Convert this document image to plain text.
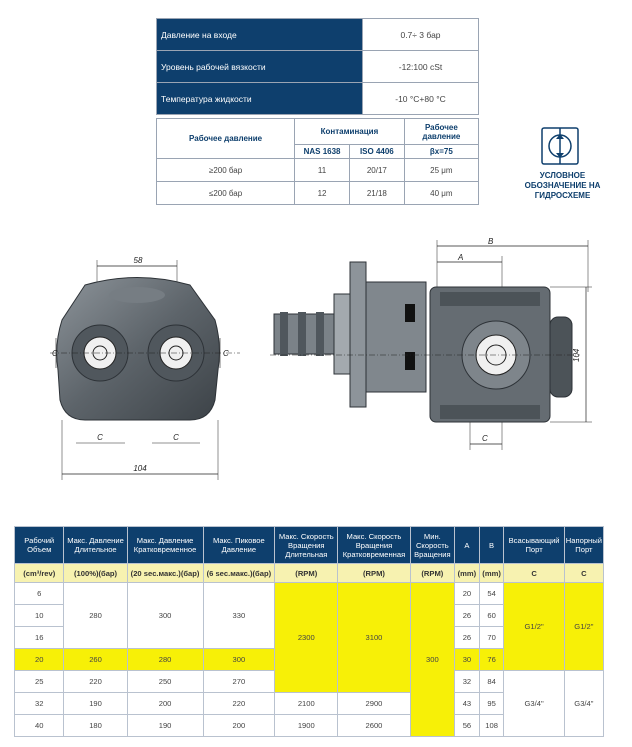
Давление на входе	0.7÷ 3 бар
Уровень рабочей вязкости	-12:100 cSt
Температура жидкости	-10 °С+80 °С
Рабочее давление	Контаминация		Рабочее давление
	NAS 1638	ISO 4406	βx=75
≥200 бар	11	20/17	25 μm
≤200 бар	12	21/18	40 μm
УСЛОВНОЕ
ОБОЗНАЧЕНИЕ НА
ГИДРОСХЕМЕ
58
C	C
C	C
104
B
A
104
C
Рабочий Объем	Макс. Давление Длительное	Макс. Давление Кратковременное	Макс. Пиковое Давление	Макс. Скорость Вращения Длительная	Макс. Скорость Вращения Кратковременная	Мин. Скорость Вращения	A	B	Всасывающий Порт	Напорный Порт
(cm³/rev)	(100%)(бар)	(20 sec.макс.)(бар)	(6 sec.макс.)(бар)	(RPM)	(RPM)	(RPM)	(mm)	(mm)	C	C
6	280	300	330	2300	3100	300	20	54	G1/2"	G1/2"
10							26	60		
16							26	70		
20	260	280	300				30	76		
25	220	250	270				32	84	G3/4"	G3/4"
32	190	200	220	2100	2900		43	95		
40	180	190	200	1900	2600		56	108		
